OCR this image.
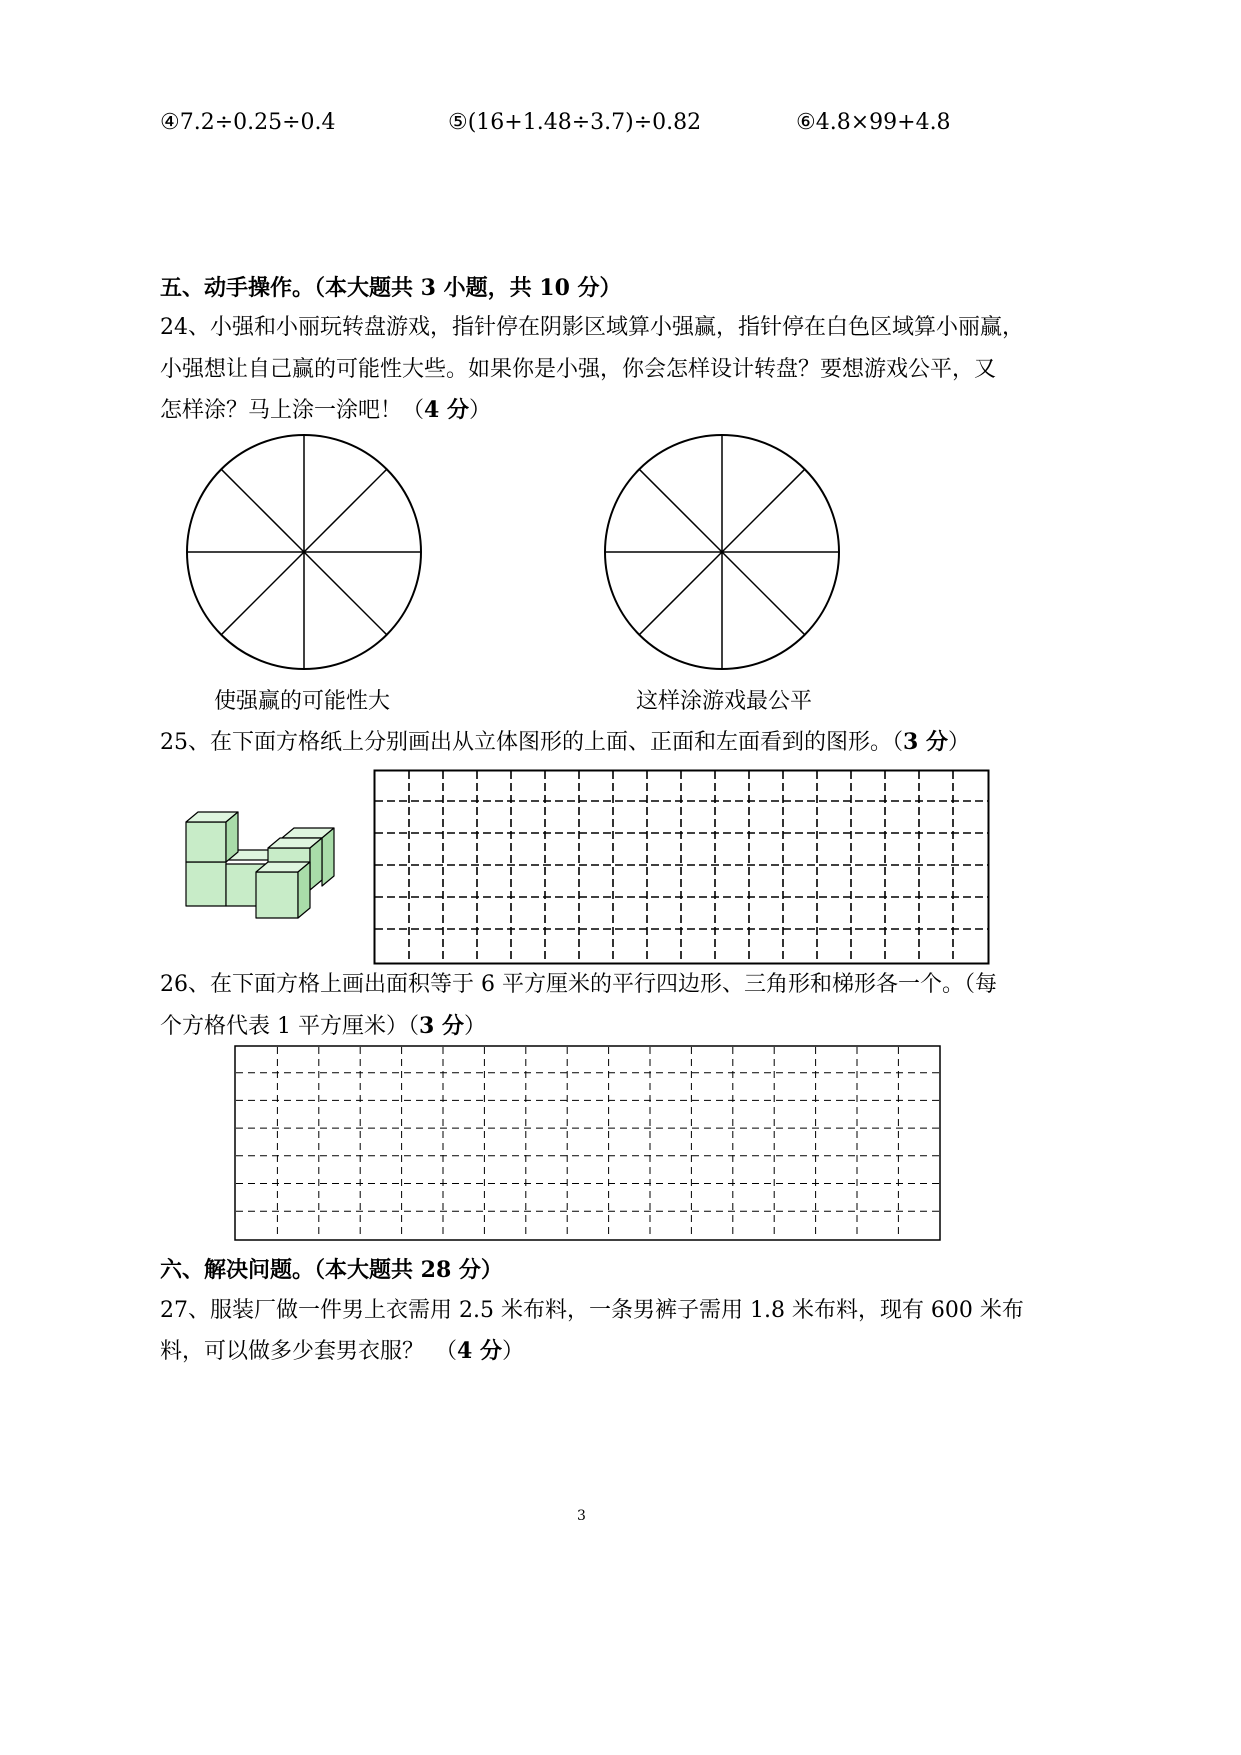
④7.2÷0.25÷0.4	⑤(16+1.48÷3.7)÷0.82	⑥4.8×99+4.8
五、动手操作。（本大题共 3 小题，共 10 分）
24、小强和小丽玩转盘游戏，指针停在阴影区域算小强赢，指针停在白色区域算小丽赢，
小强想让自己赢的可能性大些。如果你是小强，你会怎样设计转盘？要想游戏公平，又
怎样涂？马上涂一涂吧！（4 分）
使强赢的可能性大	这样涂游戏最公平
25、在下面方格纸上分别画出从立体图形的上面、正面和左面看到的图形。（3 分）
26、在下面方格上画出面积等于 6 平方厘米的平行四边形、三角形和梯形各一个。（每
个方格代表 1 平方厘米）（3 分）
六、解决问题。（本大题共 28 分）
27、服装厂做一件男上衣需用 2.5 米布料，一条男裤子需用 1.8 米布料，现有 600 米布
料，可以做多少套男衣服？　（4 分）
3
